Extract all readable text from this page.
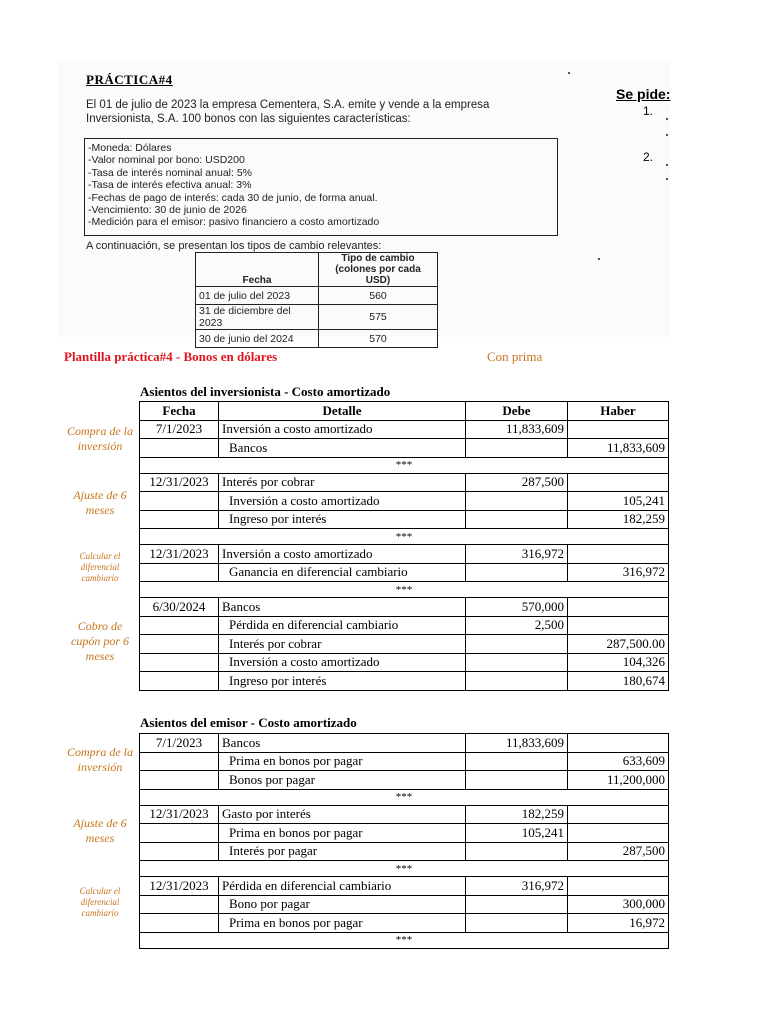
PRÁCTICA#4
El 01 de julio de 2023 la empresa Cementera, S.A. emite y vende a la empresa Inversionista, S.A. 100 bonos con las siguientes características:
-Moneda: Dólares
-Valor nominal por bono: USD200
-Tasa de interés nominal anual: 5%
-Tasa de interés efectiva anual: 3%
-Fechas de pago de interés: cada 30 de junio, de forma anual.
-Vencimiento: 30 de junio de 2026
-Medición para el emisor: pasivo financiero a costo amortizado
A continuación, se presentan los tipos de cambio relevantes:
Fecha	Tipo de cambio (colones por cada USD)
01 de julio del 2023	560
31 de diciembre del 2023	575
30 de junio del 2024	570
Se pide:
1.
2.
Plantilla práctica#4 - Bonos en dólares	Con prima
Asientos del inversionista - Costo amortizado
Fecha	Detalle	Debe	Haber
7/1/2023	Inversión a costo amortizado	11,833,609	
	Bancos		11,833,609
***			
12/31/2023	Interés por cobrar	287,500	
	Inversión a costo amortizado		105,241
	Ingreso por interés		182,259
***			
12/31/2023	Inversión a costo amortizado	316,972	
	Ganancia en diferencial cambiario		316,972
***			
6/30/2024	Bancos	570,000	
	Pérdida en diferencial cambiario	2,500	
	Interés por cobrar		287,500.00
	Inversión a costo amortizado		104,326
	Ingreso por interés		180,674
Compra de la inversión
Ajuste de 6 meses
Calcular el diferencial cambiario
Cobro de cupón por 6 meses
Asientos del emisor - Costo amortizado
7/1/2023	Bancos	11,833,609	
	Prima en bonos por pagar		633,609
	Bonos por pagar		11,200,000
***			
12/31/2023	Gasto por interés	182,259	
	Prima en bonos por pagar	105,241	
	Interés por pagar		287,500
***			
12/31/2023	Pérdida en diferencial cambiario	316,972	
	Bono por pagar		300,000
	Prima en bonos por pagar		16,972
***			
Compra de la inversión
Ajuste de 6 meses
Calcular el diferencial cambiario
